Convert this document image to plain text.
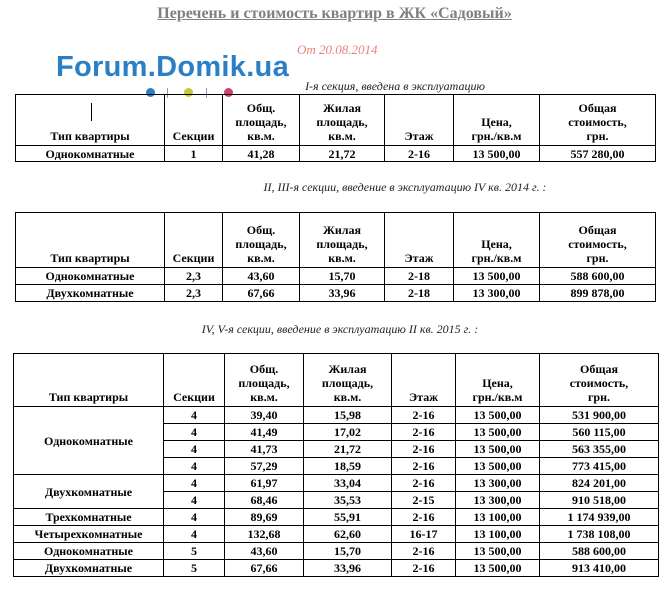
Перечень и стоимость квартир в ЖК «Садовый»
От 20.08.2014
Forum.Domik.ua
I-я секция, введена в эксплуатацию
Тип квартиры	Секции	Общ.
площадь,
кв.м.	Жилая
площадь,
кв.м.	Этаж	Цена,
грн./кв.м	Общая
стоимость,
грн.
Однокомнатные	1	41,28	21,72	2-16	13 500,00	557 280,00
II, III-я секции, введение в эксплуатацию IV кв. 2014 г. :
Тип квартиры	Секции	Общ.
площадь,
кв.м.	Жилая
площадь,
кв.м.	Этаж	Цена,
грн./кв.м	Общая
стоимость,
грн.
Однокомнатные	2,3	43,60	15,70	2-18	13 500,00	588 600,00
Двухкомнатные	2,3	67,66	33,96	2-18	13 300,00	899 878,00
IV, V-я секции, введение в эксплуатацию II кв. 2015 г. :
Тип квартиры	Секции	Общ.
площадь,
кв.м.	Жилая
площадь,
кв.м.	Этаж	Цена,
грн./кв.м	Общая
стоимость,
грн.
Однокомнатные	4	39,40	15,98	2-16	13 500,00	531 900,00
	4	41,49	17,02	2-16	13 500,00	560 115,00
	4	41,73	21,72	2-16	13 500,00	563 355,00
	4	57,29	18,59	2-16	13 500,00	773 415,00
Двухкомнатные	4	61,97	33,04	2-16	13 300,00	824 201,00
	4	68,46	35,53	2-15	13 300,00	910 518,00
Трехкомнатные	4	89,69	55,91	2-16	13 100,00	1 174 939,00
Четырехкомнатные	4	132,68	62,60	16-17	13 100,00	1 738 108,00
Однокомнатные	5	43,60	15,70	2-16	13 500,00	588 600,00
Двухкомнатные	5	67,66	33,96	2-16	13 500,00	913 410,00
